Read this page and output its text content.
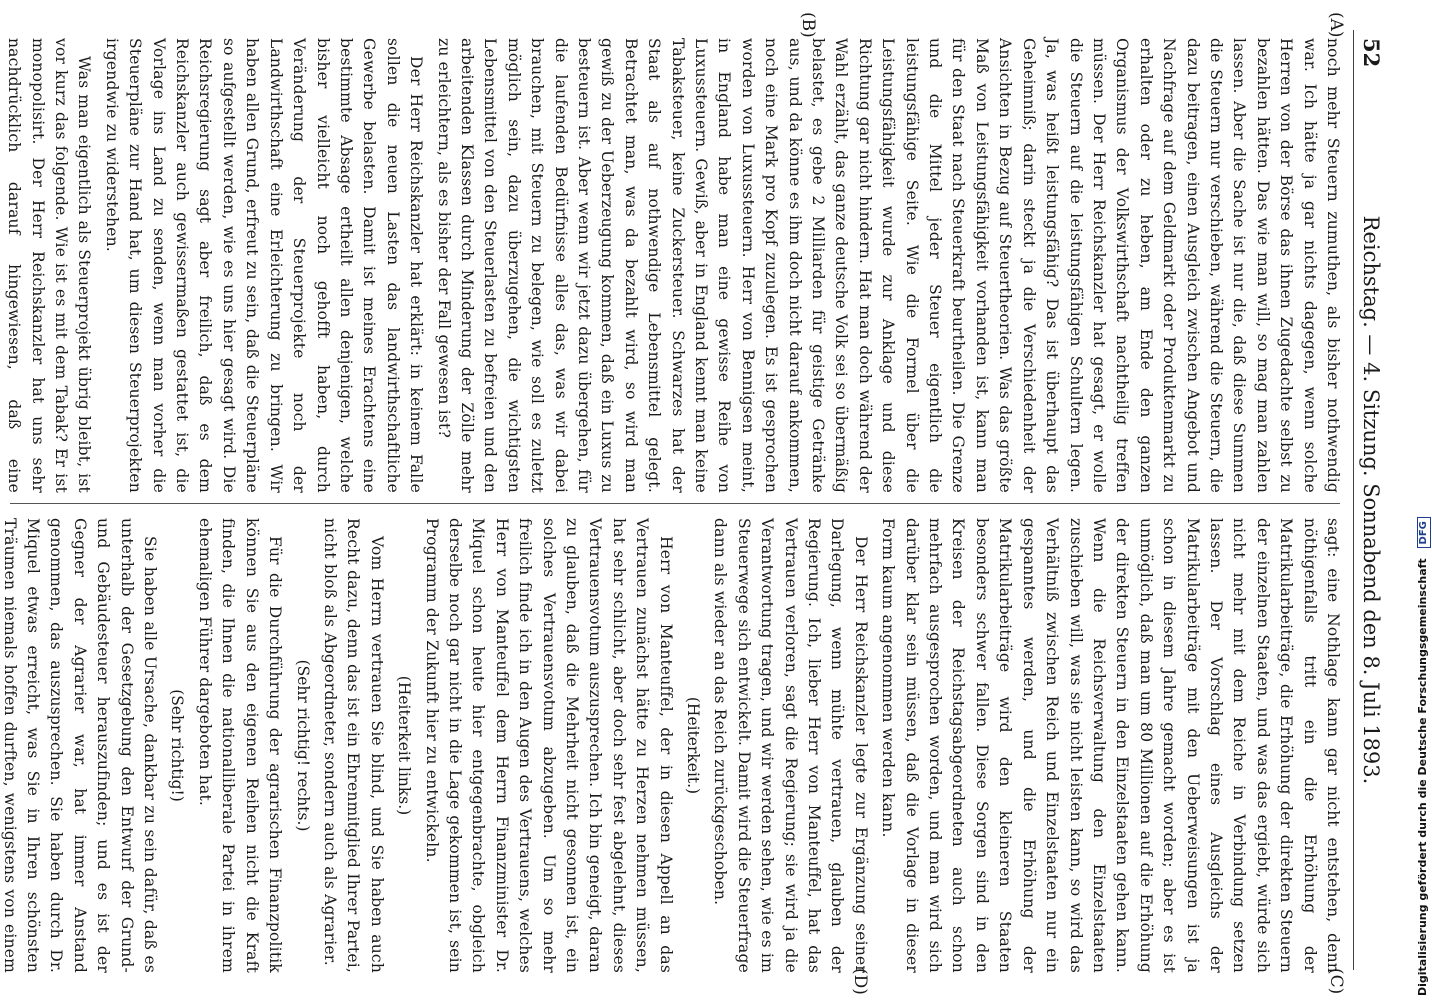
52
Reichstag. — 4. Sitzung. Sonnabend den 8. Juli 1893.
(A)
(B)
(C)
(D)

noch mehr Steuern zumuthen, als bisher nothwendig war. Ich hätte ja gar nichts dagegen, wenn solche Herren von der Börse das ihnen Zugedachte selbst zu bezahlen hätten. Das wie man will, so mag man zahlen lassen. Aber die Sache ist nur die, daß diese Summen die Steuern nur verschieben, während die Steuern, die dazu beitragen, einen Ausgleich zwischen Angebot und Nachfrage auf dem Geldmarkt oder Produktenmarkt zu erhalten oder zu heben, am Ende den ganzen Organismus der Volkswirthschaft nachtheilig treffen müssen. Der Herr Reichskanzler hat gesagt, er wolle die Steuern auf die leistungsfähigen Schultern legen. Ja, was heißt leistungsfähig? Das ist überhaupt das Geheimniß; darin steckt ja die Verschiedenheit der Ansichten in Bezug auf Steuertheorien. Was das größte Maß von Leistungsfähigkeit vorhanden ist, kann man für den Staat nach Steuerkraft beurtheilen. Die Grenze und die Mittel jeder Steuer eigentlich die leistungsfähige Seite. Wie die Formel über die Leistungsfähigkeit wurde zur Anklage und diese Richtung gar nicht hindern. Hat man doch während der Wahl erzählt, das ganze deutsche Volk sei so übermäßig belastet, es gebe 2 Milliarden für geistige Getränke aus, und da könne es ihm doch nicht darauf ankommen, noch eine Mark pro Kopf zuzulegen. Es ist gesprochen worden von Luxussteuern. Herr von Bennigsen meint, in England habe man eine gewisse Reihe von Luxussteuern. Gewiß, aber in England kennt man keine Tabaksteuer, keine Zuckersteuer. Schwarzes hat der Staat als auf nothwendige Lebensmittel gelegt. Betrachtet man, was da bezahlt wird, so wird man gewiß zu der Ueberzeugung kommen, daß ein Luxus zu besteuern ist. Aber wenn wir jetzt dazu übergehen, für die laufenden Bedürfnisse alles das, was wir dabei brauchen, mit Steuern zu belegen, wie soll es zuletzt möglich sein, dazu überzugehen, die wichtigsten Lebensmittel von den Steuerlasten zu befreien und den arbeitenden Klassen durch Minderung der Zölle mehr zu erleichtern, als es bisher der Fall gewesen ist?

Der Herr Reichskanzler hat erklärt: in keinem Falle sollen die neuen Lasten das landwirthschaftliche Gewerbe belasten. Damit ist meines Erachtens eine bestimmte Absage ertheilt allen denjenigen, welche bisher vielleicht noch gehofft haben, durch Veränderung der Steuerprojekte noch der Landwirthschaft eine Erleichterung zu bringen. Wir haben allen Grund, erfreut zu sein, daß die Steuerpläne so aufgestellt werden, wie es uns hier gesagt wird. Die Reichsregierung sagt aber freilich, daß es dem Reichskanzler auch gewissermaßen gestattet ist, die Vorlage ins Land zu senden, wenn man vorher die Steuerpläne zur Hand hat, um diesen Steuerprojekten irgendwie zu widerstehen.

Was man eigentlich als Steuerprojekt übrig bleibt, ist vor kurz das folgende. Wie ist es mit dem Tabak? Er ist monopolisirt. Der Herr Reichskanzler hat uns sehr nachdrücklich darauf hingewiesen, daß eine

sagt: eine Nothlage kann gar nicht entstehen, denn nöthigenfalls tritt ein die Erhöhung der Matrikularbeiträge, die Erhöhung der direkten Steuern der einzelnen Staaten, und was das ergiebt, würde sich nicht mehr mit dem Reiche in Verbindung setzen lassen. Der Vorschlag eines Ausgleichs der Matrikularbeiträge mit den Ueberweisungen ist ja schon in diesem Jahre gemacht worden; aber es ist unmöglich, daß man um 80 Millionen auf die Erhöhung der direkten Steuern in den Einzelstaaten gehen kann. Wenn die Reichsverwaltung den Einzelstaaten zuschieben will, was sie nicht leisten kann, so wird das Verhältniß zwischen Reich und Einzelstaaten nur ein gespanntes werden, und die Erhöhung der Matrikularbeiträge wird den kleineren Staaten besonders schwer fallen. Diese Sorgen sind in den Kreisen der Reichstagsabgeordneten auch schon mehrfach ausgesprochen worden, und man wird sich darüber klar sein müssen, daß die Vorlage in dieser Form kaum angenommen werden kann.

Der Herr Reichskanzler legte zur Ergänzung seiner Darlegung, wenn mühte vertrauen, glauben der Regierung. Ich, lieber Herr von Manteuffel, hat das Vertrauen verloren, sagt die Regierung; sie wird ja die Verantwortung tragen, und wir werden sehen, wie es im Steuerwege sich entwickelt. Damit wird die Steuerfrage dann als wieder an das Reich zurückgeschoben.

(Heiterkeit.)

Herr von Manteuffel, der in diesen Appell an das Vertrauen zunächst hätte zu Herzen nehmen müssen, hat sehr schlicht, aber doch sehr fest abgelehnt, dieses Vertrauensvotum auszusprechen. Ich bin geneigt, daran zu glauben, daß die Mehrheit nicht gesonnen ist, ein solches Vertrauensvotum abzugeben. Um so mehr freilich finde ich in den Augen des Vertrauens, welches Herr von Manteuffel dem Herrn Finanzminister Dr. Miquel schon heute hier entgegenbrachte, obgleich derselbe noch gar nicht in die Lage gekommen ist, sein Programm der Zukunft hier zu entwickeln.

(Heiterkeit links.)

Vom Herrn vertrauen Sie blind, und Sie haben auch Recht dazu, denn das ist ein Ehrenmitglied Ihrer Partei, nicht bloß als Abgeordneter, sondern auch als Agrarier.

(Sehr richtig! rechts.)

Für die Durchführung der agrarischen Finanzpolitik können Sie aus den eigenen Reihen nicht die Kraft finden, die Ihnen die nationalliberale Partei in ihrem ehemaligen Führer dargeboten hat.

(Sehr richtig!)

Sie haben alle Ursache, dankbar zu sein dafür, daß es unterhalb der Gesetzgebung den Entwurf der Grund- und Gebäudesteuer herauszufinden; und es ist der Gegner der Agrarier war, hat immer Anstand genommen, das auszusprechen. Sie haben durch Dr. Miquel etwas erreicht, was Sie in Ihren schönsten Träumen niemals hoffen durften, wenigstens von einem	Digitalisierung gefördert durch die Deutsche Forschungsgemeinschaft DFG
